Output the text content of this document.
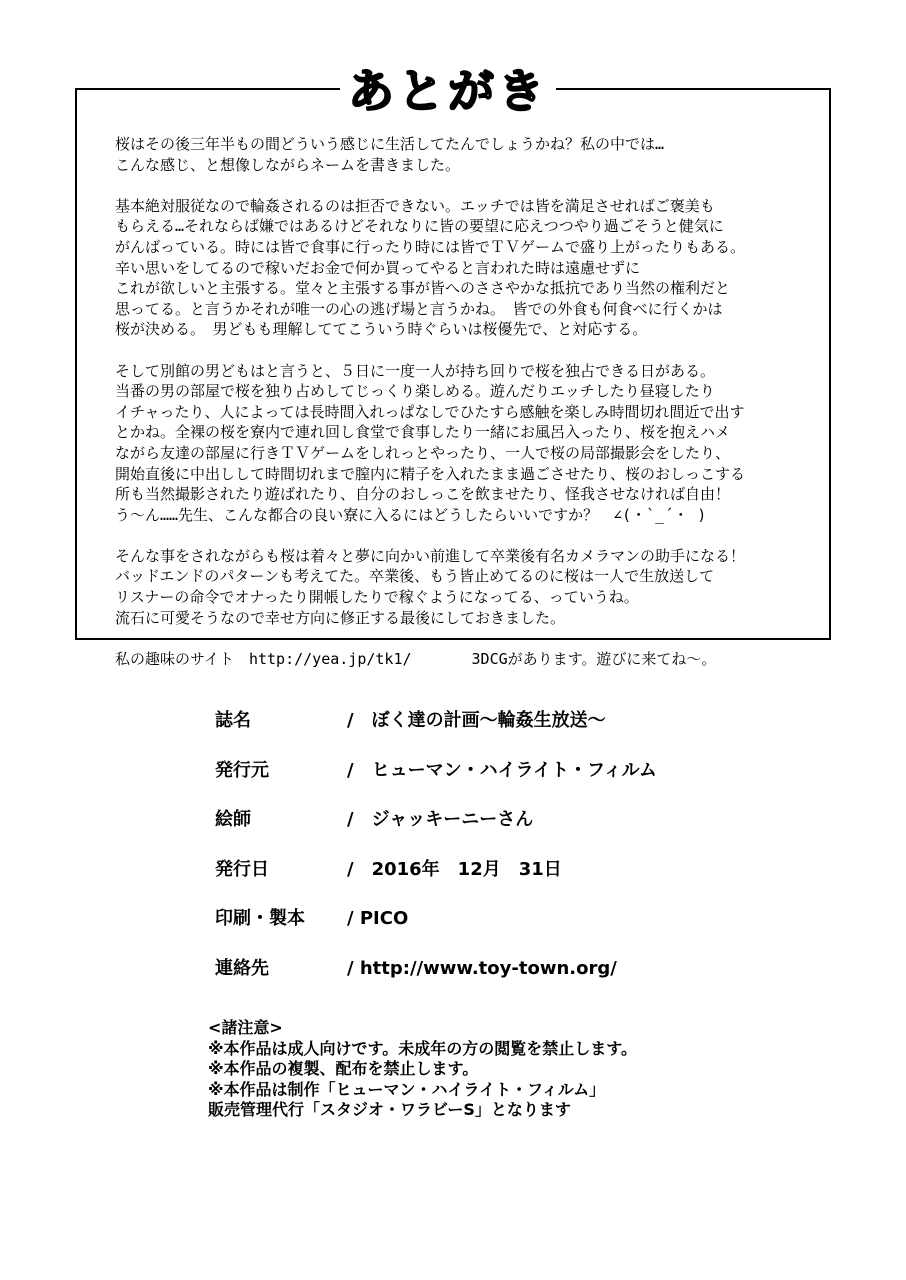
あとがき
桜はその後三年半もの間どういう感じに生活してたんでしょうかね？私の中では…
こんな感じ、と想像しながらネームを書きました。
基本絶対服従なので輪姦されるのは拒否できない。エッチでは皆を満足させればご褒美も
もらえる…それならば嫌ではあるけどそれなりに皆の要望に応えつつやり過ごそうと健気に
がんばっている。時には皆で食事に行ったり時には皆でＴＶゲームで盛り上がったりもある。
辛い思いをしてるので稼いだお金で何か買ってやると言われた時は遠慮せずに
これが欲しいと主張する。堂々と主張する事が皆へのささやかな抵抗であり当然の権利だと
思ってる。と言うかそれが唯一の心の逃げ場と言うかね。　皆での外食も何食べに行くかは
桜が決める。　男どもも理解しててこういう時ぐらいは桜優先で、と対応する。
そして別館の男どもはと言うと、５日に一度一人が持ち回りで桜を独占できる日がある。
当番の男の部屋で桜を独り占めしてじっくり楽しめる。遊んだりエッチしたり昼寝したり
イチャったり、人によっては長時間入れっぱなしでひたすら感触を楽しみ時間切れ間近で出す
とかね。全裸の桜を寮内で連れ回し食堂で食事したり一緒にお風呂入ったり、桜を抱えハメ
ながら友達の部屋に行きＴＶゲームをしれっとやったり、一人で桜の局部撮影会をしたり、
開始直後に中出しして時間切れまで膣内に精子を入れたまま過ごさせたり、桜のおしっこする
所も当然撮影されたり遊ばれたり、自分のおしっこを飲ませたり、怪我させなければ自由！
う～ん……先生、こんな都合の良い寮に入るにはどうしたらいいですか？　∠(・`_´・ )
そんな事をされながらも桜は着々と夢に向かい前進して卒業後有名カメラマンの助手になる！
バッドエンドのパターンも考えてた。卒業後、もう皆止めてるのに桜は一人で生放送して
リスナーの命令でオナったり開帳したりで稼ぐようになってる、っていうね。
流石に可愛そうなので幸せ方向に修正する最後にしておきました。
私の趣味のサイト　http://yea.jp/tk1/　　　　3DCGがあります。遊びに来てね～。
誌名	/　ぼく達の計画～輪姦生放送～
発行元	/　ヒューマン・ハイライト・フィルム
絵師	/　ジャッキーニーさん
発行日	/　2016年　12月　31日
印刷・製本 / PICO
連絡先	/ http://www.toy-town.org/
<諸注意>
※本作品は成人向けです。未成年の方の閲覧を禁止します。
※本作品の複製、配布を禁止します。
※本作品は制作「ヒューマン・ハイライト・フィルム」
販売管理代行「スタジオ・ワラビーS」となります
